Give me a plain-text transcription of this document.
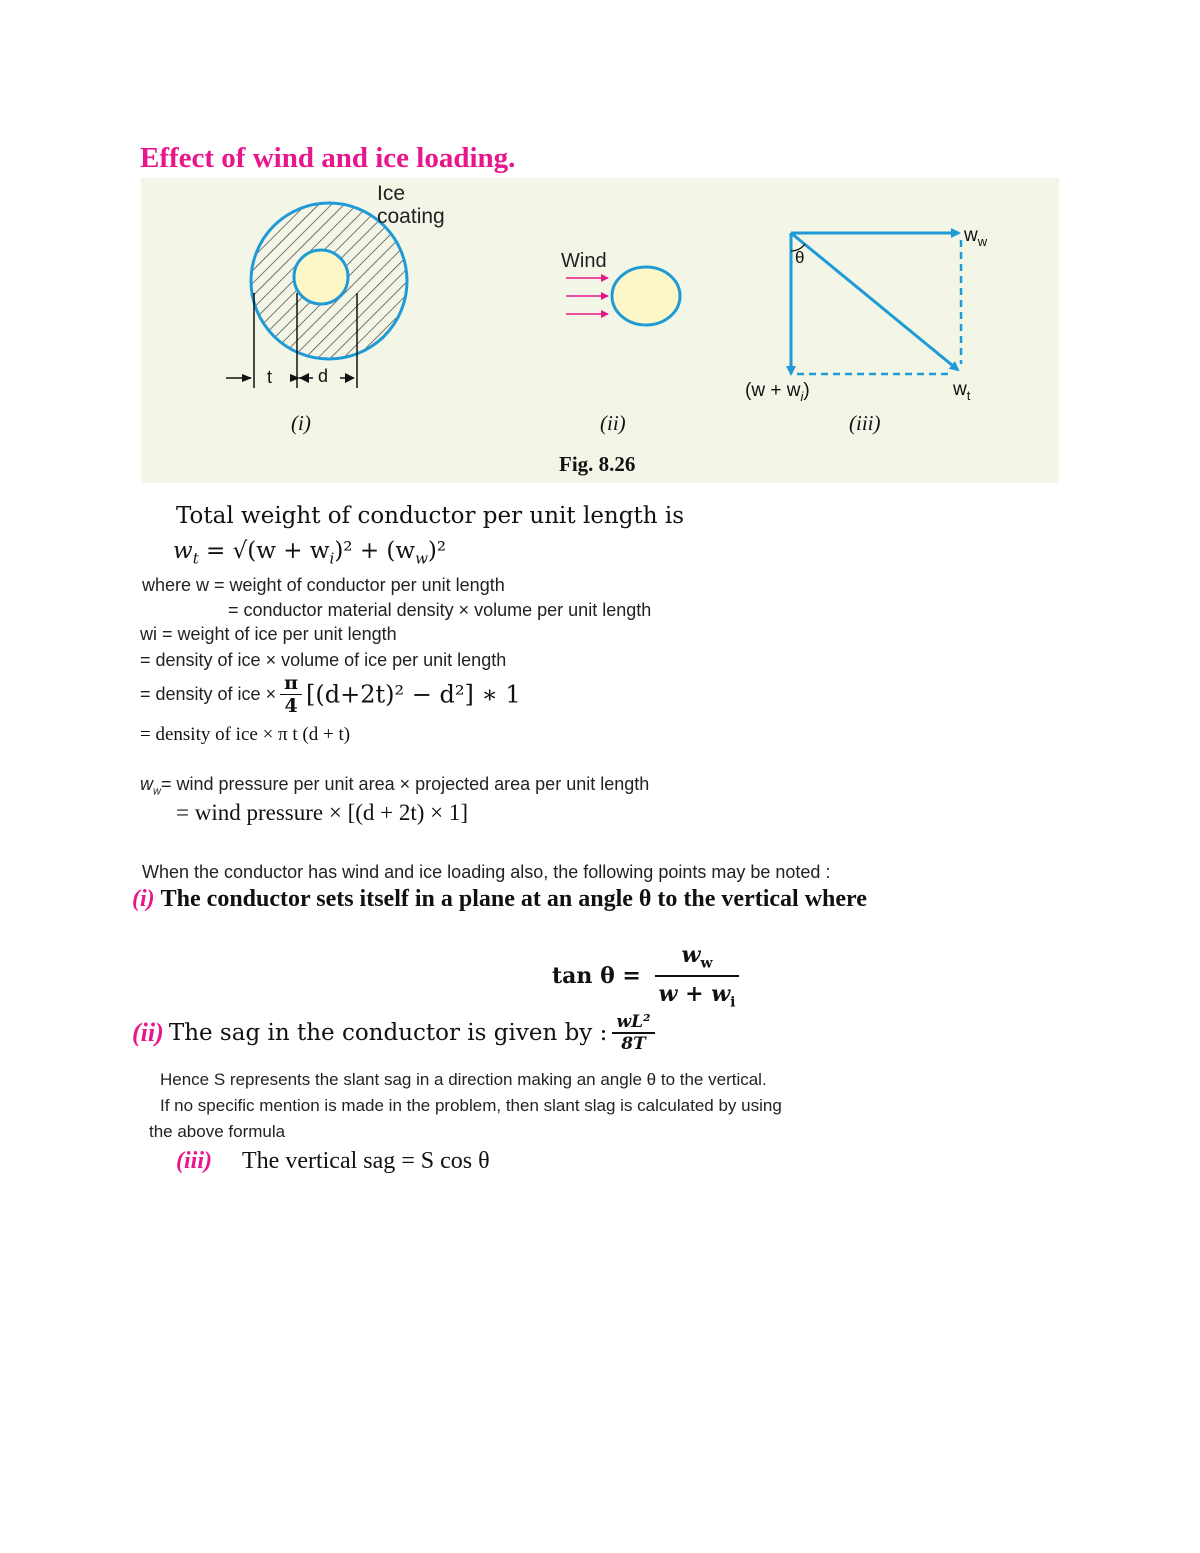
Effect of wind and ice loading.
Ice
coating
t	d
Wind	θ
$w_w$
$w_t$
$(w + w_i)$
(i)	(ii)	(iii)
Fig. 8.26
Total weight of conductor per unit length is
$w_t = √(w + w_i)^2 + (w_w)^2$
where w = weight of conductor per unit length
= conductor material density × volume per unit length
wi = weight of ice per unit length
= density of ice × volume of ice per unit length
= density of ice × $\frac{\pi}{4} [(d+2t)^2 - d^2]$ ∗ 1
= density of ice × π t (d + t)
$w_w=$ wind pressure per unit area × projected area per unit length
= wind pressure × [(d + 2t) × 1]
When the conductor has wind and ice loading also, the following points may be noted :
(i) The conductor sets itself in a plane at an angle θ to the vertical where
$\tan \theta = \frac{w_w}{w + w_i}$
(ii) The sag in the conductor is given by : $\frac{\text{wL²}}{8T}$
Hence S represents the slant sag in a direction making an angle θ to the vertical.
If no specific mention is made in the problem, then slant slag is calculated by using
the above formula
(iii) The vertical sag = S cos θ
